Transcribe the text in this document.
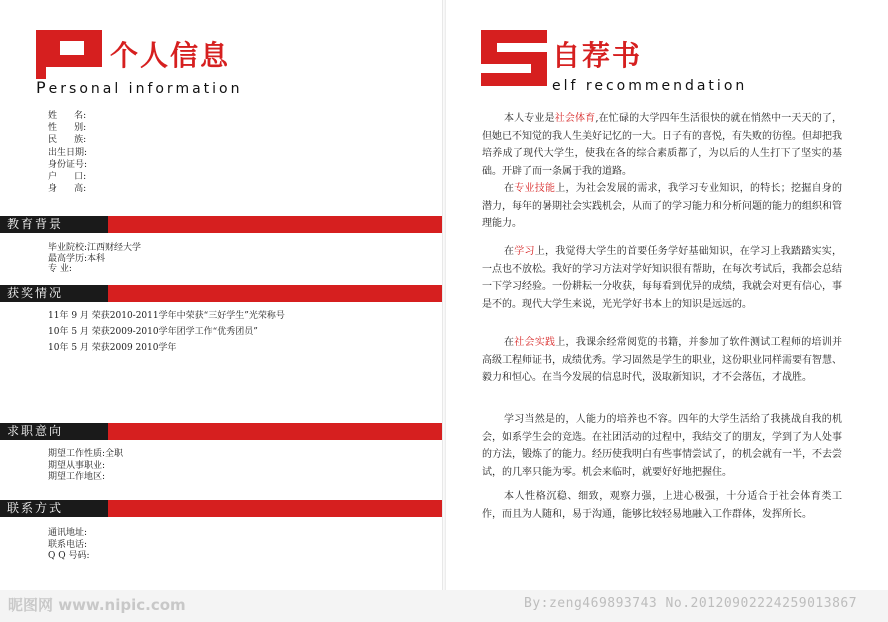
个人信息
Personal information
姓      名:
性      别:
民      族:
出生日期:
身份证号:
户      口:
身      高:
教育背景
毕业院校:江西财经大学
最高学历:本科
专 业:
获奖情况
11年 9 月 荣获2010-2011学年中荣获“三好学生”光荣称号
10年 5 月 荣获2009-2010学年团学工作“优秀团员”
10年 5 月 荣获2009 2010学年
求职意向
期望工作性质:全职
期望从事职业:
期望工作地区:
联系方式
通讯地址:
联系电话:
Q Q 号码:
自荐书
elf recommendation
本人专业是社会体育,在忙碌的大学四年生活很快的就在悄然中一天天的了，但她已不知觉的我人生美好记忆的一大。日子有的喜悦，有失败的彷徨。但却把我培养成了现代大学生，使我在各的综合素质都了，为以后的人生打下了坚实的基础。开辟了而一条属于我的道路。
在专业技能上，为社会发展的需求，我学习专业知识，的特长；挖掘自身的潜力，每年的暑期社会实践机会，从而了的学习能力和分析问题的能力的组织和管理能力。
在学习上，我觉得大学生的首要任务学好基础知识，在学习上我踏踏实实，一点也不放松。我好的学习方法对学好知识很有帮助，在每次考试后，我都会总结一下学习经验。一份耕耘一分收获，每每看到优异的成绩，我就会对更有信心，事是不的。现代大学生来说，光光学好书本上的知识是远远的。
在社会实践上，我课余经常阅览的书籍，并参加了软件测试工程师的培训并高级工程师证书，成绩优秀。学习固然是学生的职业，这份职业同样需要有智慧、毅力和恒心。在当今发展的信息时代，汲取新知识，才不会落伍，才战胜。
学习当然是的，人能力的培养也不容。四年的大学生活给了我挑战自我的机会，如系学生会的竞选。在社团活动的过程中，我结交了的朋友，学到了为人处事的方法，锻炼了的能力。经历使我明白有些事情尝试了，的机会就有一半，不去尝试，的几率只能为零。机会来临时，就要好好地把握住。
本人性格沉稳、细致，观察力强，上进心极强，十分适合于社会体育类工作，而且为人随和，易于沟通，能够比较轻易地融入工作群体，发挥所长。
昵图网 www.nipic.com	By:zeng469893743 No.20120902224259013867
